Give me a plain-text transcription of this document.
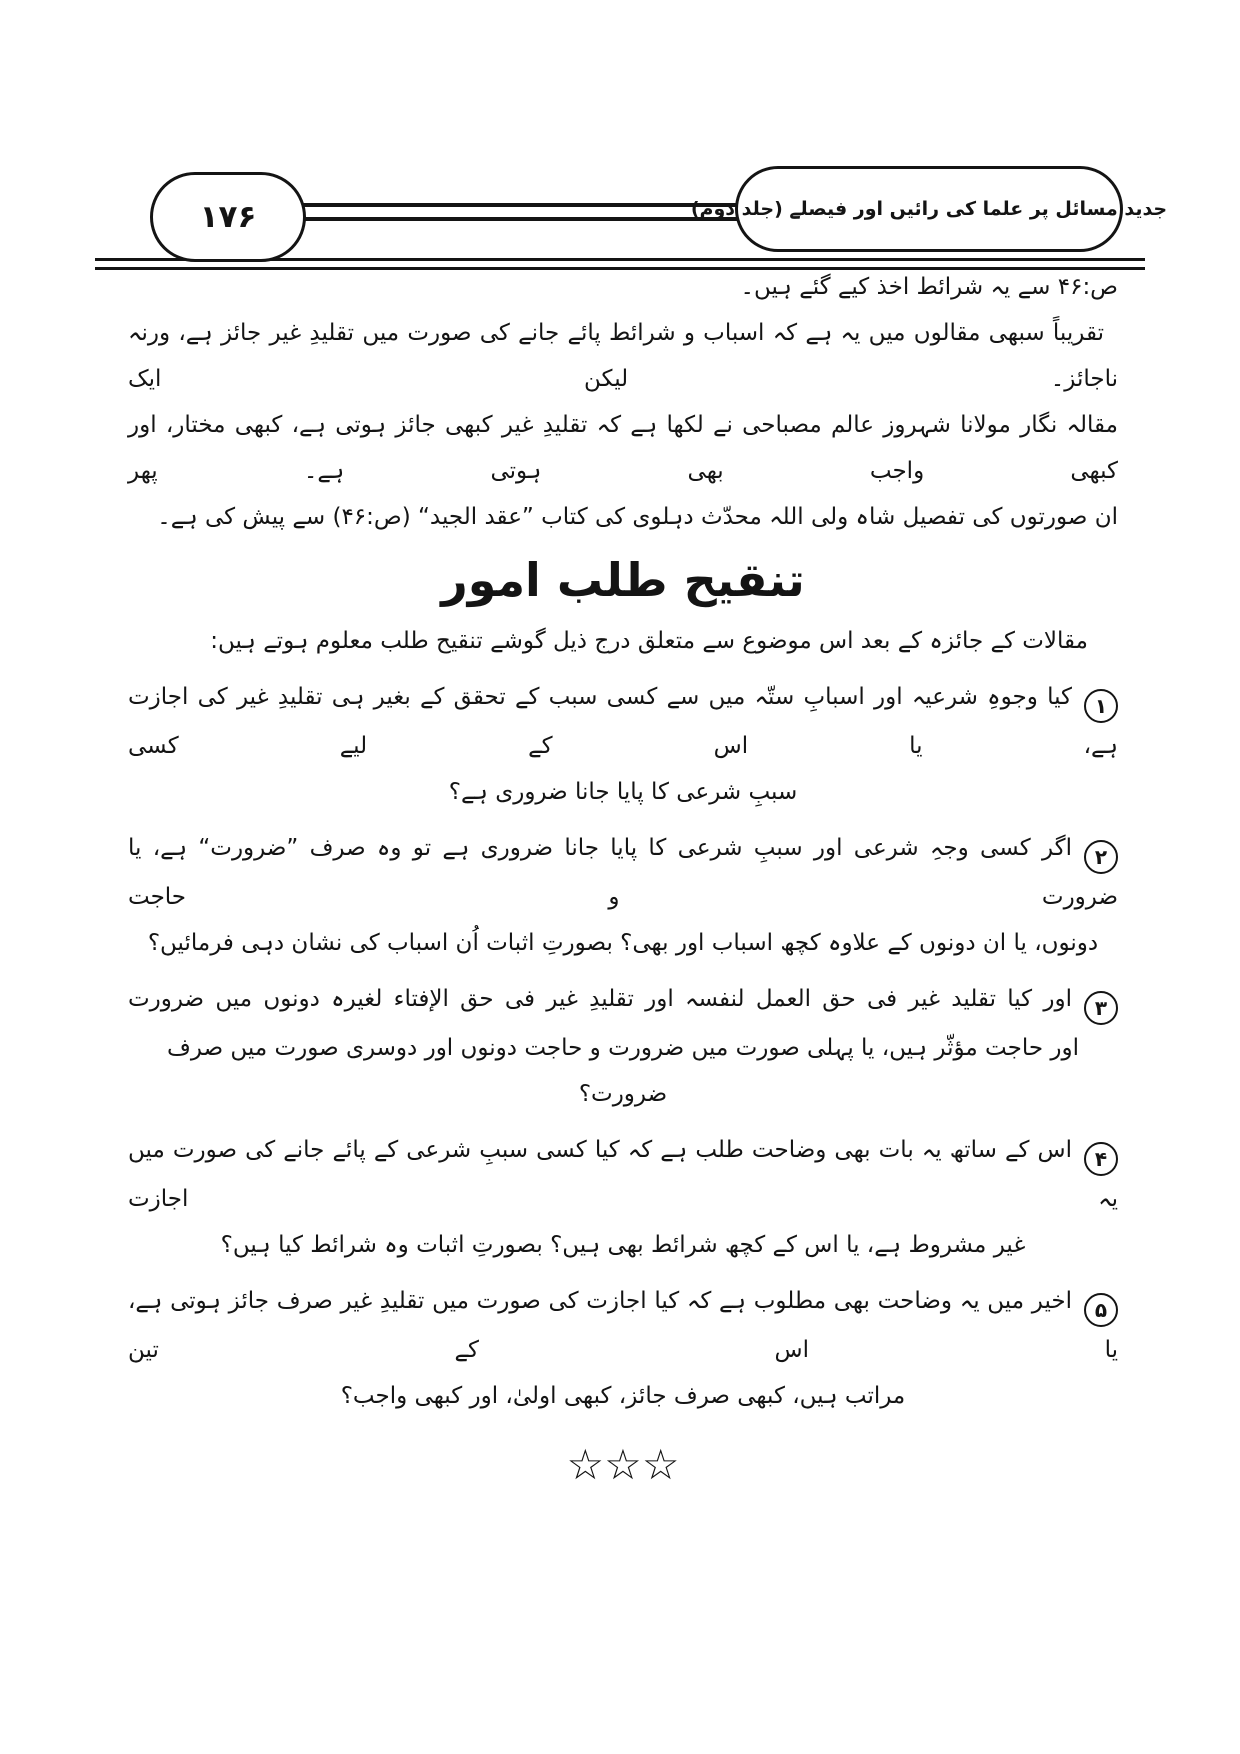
۱۷۶	جدید مسائل پر علما کی رائیں اور فیصلے (جلد دوم)
ص:۴۶ سے یہ شرائط اخذ کیے گئے ہیں۔
تقریباً سبھی مقالوں میں یہ ہے کہ اسباب و شرائط پائے جانے کی صورت میں تقلیدِ غیر جائز ہے، ورنہ ناجائز۔ لیکن ایک
مقالہ نگار مولانا شہروز عالم مصباحی نے لکھا ہے کہ تقلیدِ غیر کبھی جائز ہوتی ہے، کبھی مختار، اور کبھی واجب بھی ہوتی ہے۔ پھر
ان صورتوں کی تفصیل شاہ ولی اللہ محدّث دہلوی کی کتاب ”عقد الجید“ (ص:۴۶) سے پیش کی ہے۔
تنقیح طلب امور
مقالات کے جائزہ کے بعد اس موضوع سے متعلق درج ذیل گوشے تنقیح طلب معلوم ہوتے ہیں:
۱کیا وجوہِ شرعیہ اور اسبابِ ستّہ میں سے کسی سبب کے تحقق کے بغیر ہی تقلیدِ غیر کی اجازت ہے، یا اس کے لیے کسی
سببِ شرعی کا پایا جانا ضروری ہے؟
۲اگر کسی وجہِ شرعی اور سببِ شرعی کا پایا جانا ضروری ہے تو وہ صرف ”ضرورت“ ہے، یا ضرورت و حاجت
دونوں، یا ان دونوں کے علاوہ کچھ اسباب اور بھی؟ بصورتِ اثبات اُن اسباب کی نشان دہی فرمائیں؟
۳اور کیا تقلید غیر فی حق العمل لنفسہ اور تقلیدِ غیر فی حق الإفتاء لغیرہ دونوں میں ضرورت
اور حاجت مؤثّر ہیں، یا پہلی صورت میں ضرورت و حاجت دونوں اور دوسری صورت میں صرف ضرورت؟
۴اس کے ساتھ یہ بات بھی وضاحت طلب ہے کہ کیا کسی سببِ شرعی کے پائے جانے کی صورت میں یہ اجازت
غیر مشروط ہے، یا اس کے کچھ شرائط بھی ہیں؟ بصورتِ اثبات وہ شرائط کیا ہیں؟
۵اخیر میں یہ وضاحت بھی مطلوب ہے کہ کیا اجازت کی صورت میں تقلیدِ غیر صرف جائز ہوتی ہے، یا اس کے تین
مراتب ہیں، کبھی صرف جائز، کبھی اولیٰ، اور کبھی واجب؟
☆☆☆
